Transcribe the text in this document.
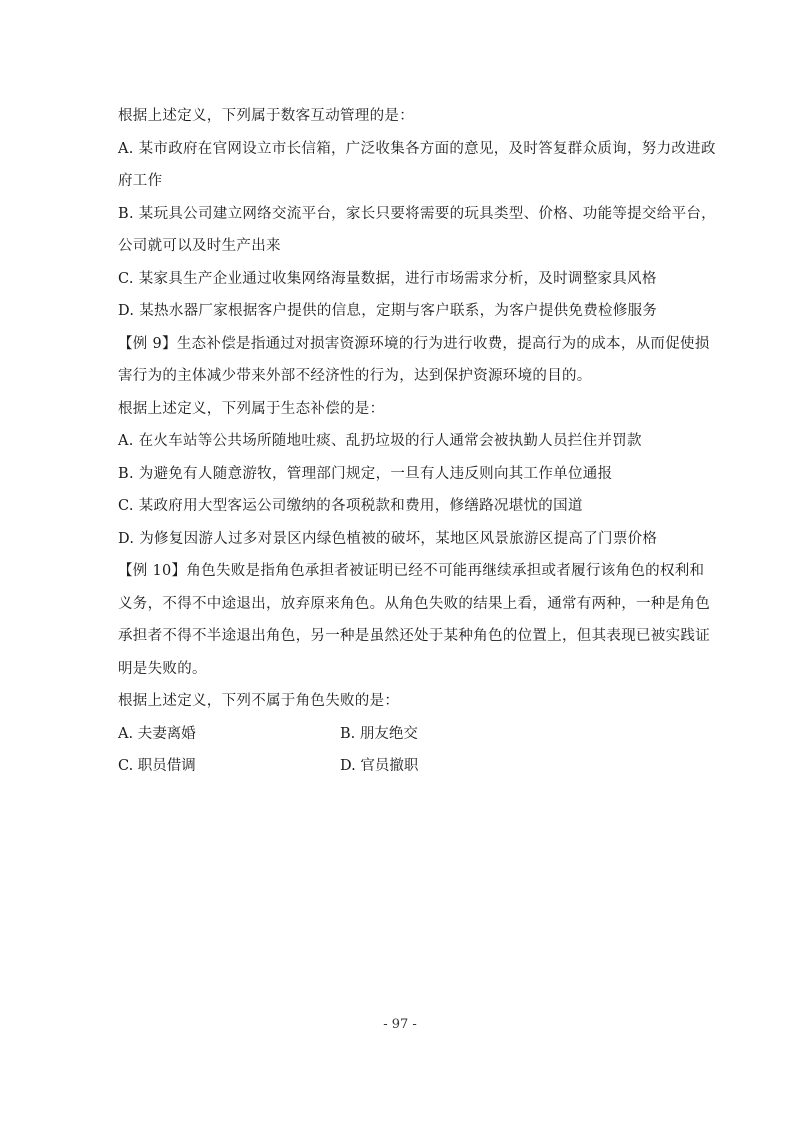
根据上述定义，下列属于数客互动管理的是：
A. 某市政府在官网设立市长信箱，广泛收集各方面的意见，及时答复群众质询，努力改进政
府工作
B. 某玩具公司建立网络交流平台，家长只要将需要的玩具类型、价格、功能等提交给平台，
公司就可以及时生产出来
C. 某家具生产企业通过收集网络海量数据，进行市场需求分析，及时调整家具风格
D. 某热水器厂家根据客户提供的信息，定期与客户联系，为客户提供免费检修服务
【例 9】生态补偿是指通过对损害资源环境的行为进行收费，提高行为的成本，从而促使损
害行为的主体减少带来外部不经济性的行为，达到保护资源环境的目的。
根据上述定义，下列属于生态补偿的是：
A. 在火车站等公共场所随地吐痰、乱扔垃圾的行人通常会被执勤人员拦住并罚款
B. 为避免有人随意游牧，管理部门规定，一旦有人违反则向其工作单位通报
C. 某政府用大型客运公司缴纳的各项税款和费用，修缮路况堪忧的国道
D. 为修复因游人过多对景区内绿色植被的破坏，某地区风景旅游区提高了门票价格
【例 10】角色失败是指角色承担者被证明已经不可能再继续承担或者履行该角色的权利和
义务，不得不中途退出，放弃原来角色。从角色失败的结果上看，通常有两种，一种是角色
承担者不得不半途退出角色，另一种是虽然还处于某种角色的位置上，但其表现已被实践证
明是失败的。
根据上述定义，下列不属于角色失败的是：
A. 夫妻离婚	B. 朋友绝交
C. 职员借调	D. 官员撤职
- 97 -
